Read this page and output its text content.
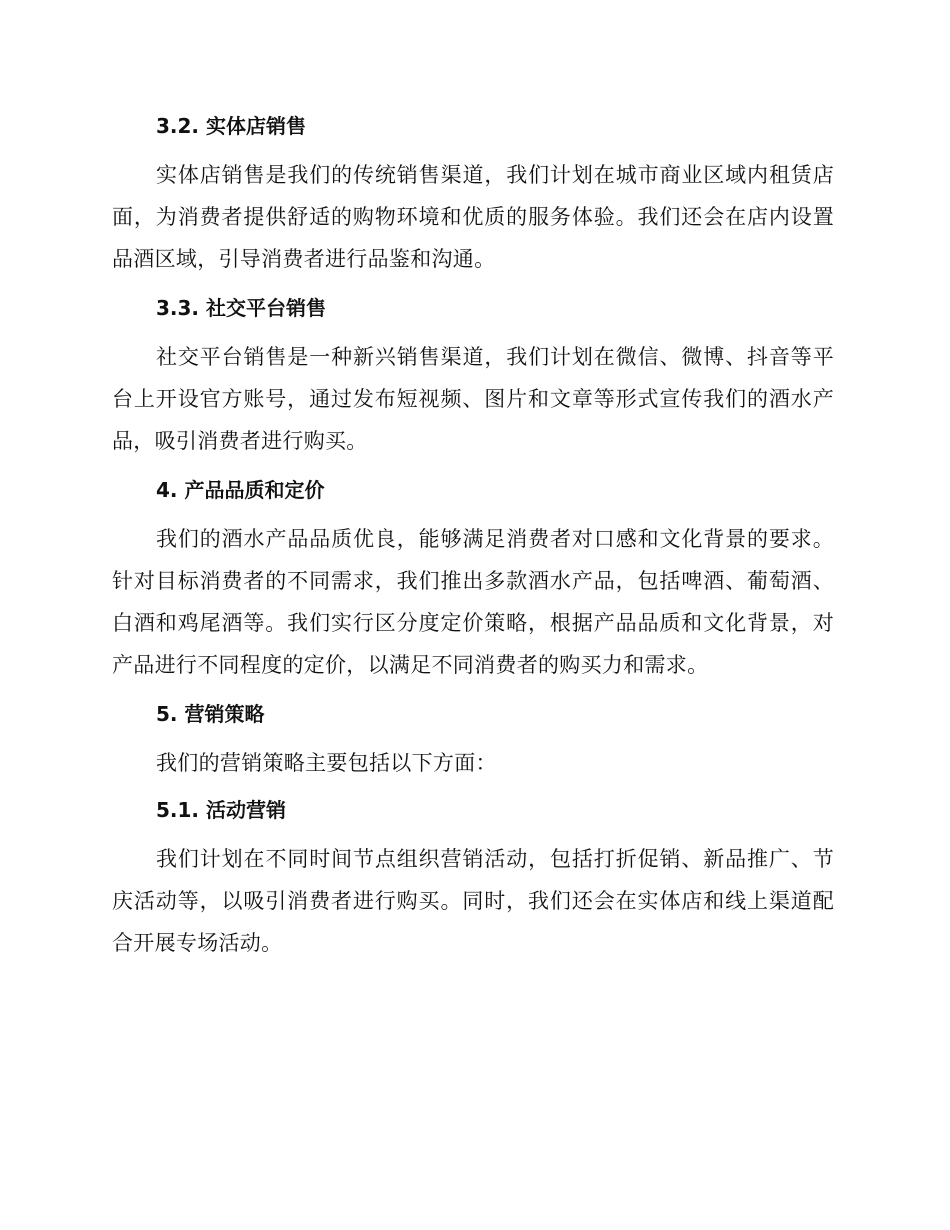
3.2. 实体店销售

实体店销售是我们的传统销售渠道，我们计划在城市商业区域内租赁店面，为消费者提供舒适的购物环境和优质的服务体验。我们还会在店内设置品酒区域，引导消费者进行品鉴和沟通。

3.3. 社交平台销售

社交平台销售是一种新兴销售渠道，我们计划在微信、微博、抖音等平台上开设官方账号，通过发布短视频、图片和文章等形式宣传我们的酒水产品，吸引消费者进行购买。

4. 产品品质和定价

我们的酒水产品品质优良，能够满足消费者对口感和文化背景的要求。针对目标消费者的不同需求，我们推出多款酒水产品，包括啤酒、葡萄酒、白酒和鸡尾酒等。我们实行区分度定价策略，根据产品品质和文化背景，对产品进行不同程度的定价，以满足不同消费者的购买力和需求。

5. 营销策略

我们的营销策略主要包括以下方面：

5.1. 活动营销

我们计划在不同时间节点组织营销活动，包括打折促销、新品推广、节庆活动等，以吸引消费者进行购买。同时，我们还会在实体店和线上渠道配合开展专场活动。
